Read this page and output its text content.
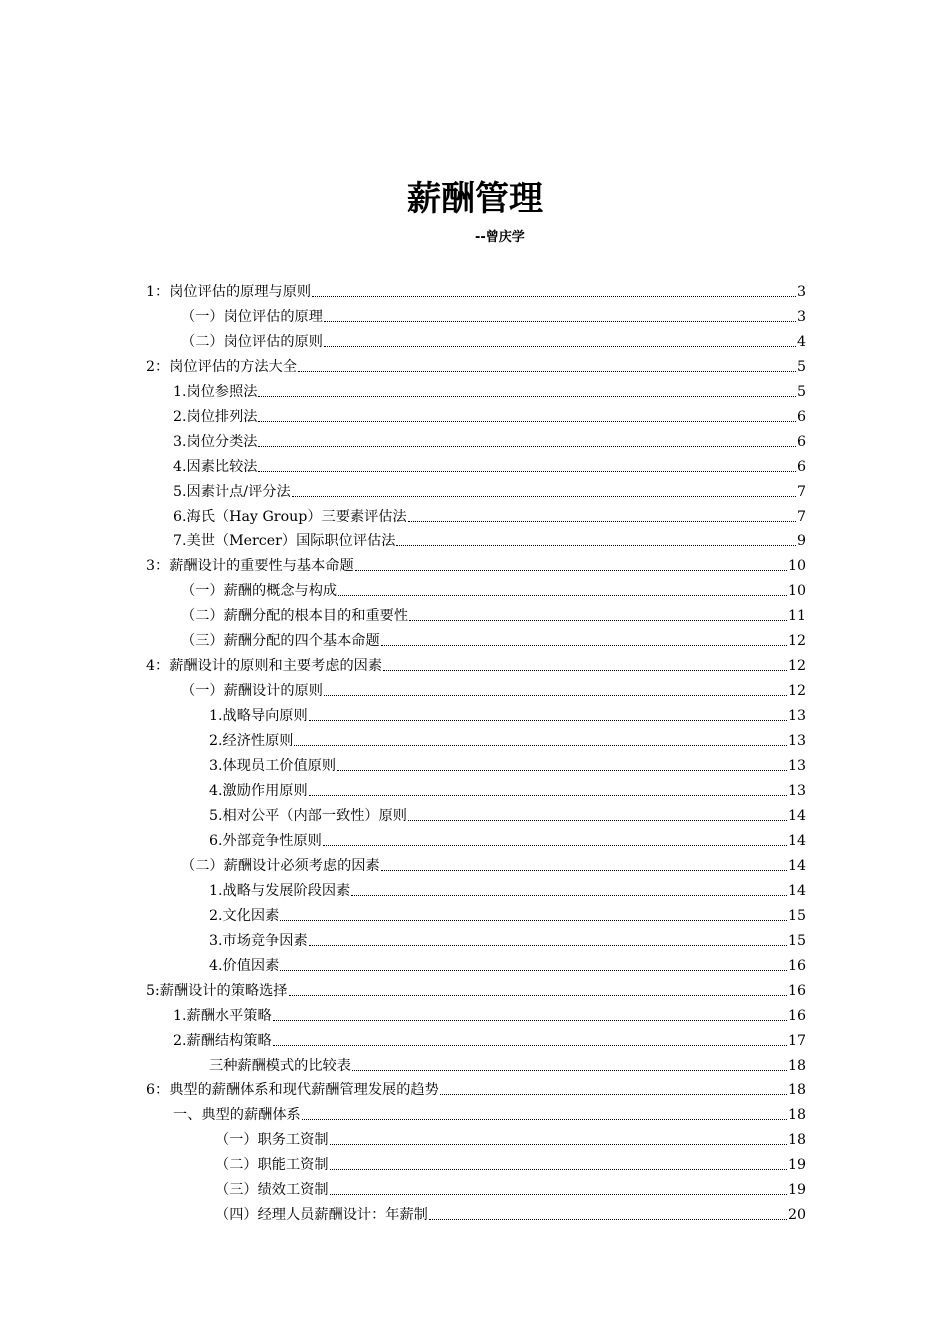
薪酬管理
--曾庆学
1：岗位评估的原理与原则	3
（一）岗位评估的原理	3
（二）岗位评估的原则	4
2：岗位评估的方法大全	5
1.岗位参照法	5
2.岗位排列法	6
3.岗位分类法	6
4.因素比较法	6
5.因素计点/评分法	7
6.海氏（Hay Group）三要素评估法	7
7.美世（Mercer）国际职位评估法	9
3：薪酬设计的重要性与基本命题	10
（一）薪酬的概念与构成	10
（二）薪酬分配的根本目的和重要性	11
（三）薪酬分配的四个基本命题	12
4：薪酬设计的原则和主要考虑的因素	12
（一）薪酬设计的原则	12
1.战略导向原则	13
2.经济性原则	13
3.体现员工价值原则	13
4.激励作用原则	13
5.相对公平（内部一致性）原则	14
6.外部竞争性原则	14
（二）薪酬设计必须考虑的因素	14
1.战略与发展阶段因素	14
2.文化因素	15
3.市场竞争因素	15
4.价值因素	16
5:薪酬设计的策略选择	16
1.薪酬水平策略	16
2.薪酬结构策略	17
三种薪酬模式的比较表	18
6：典型的薪酬体系和现代薪酬管理发展的趋势	18
一、典型的薪酬体系	18
（一）职务工资制	18
（二）职能工资制	19
（三）绩效工资制	19
（四）经理人员薪酬设计：年薪制	20
